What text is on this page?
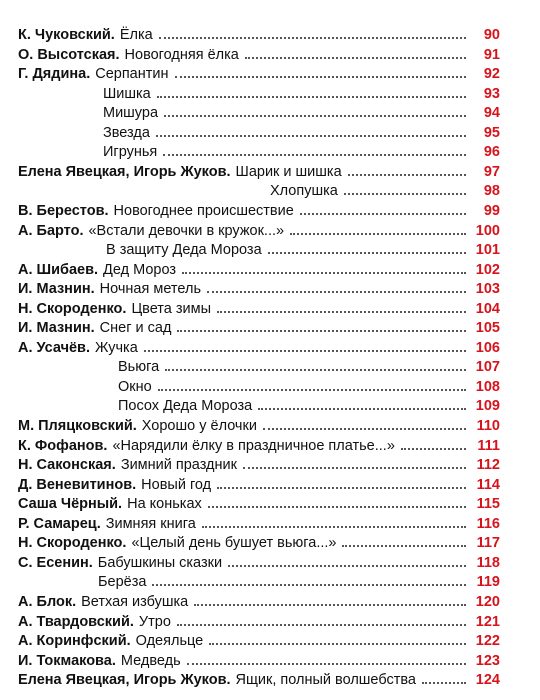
К. Чуковский. Ёлка	90
О. Высотская. Новогодняя ёлка	91
Г. Дядина. Серпантин	92
Шишка	93
Мишура	94
Звезда	95
Игрунья	96
Елена Явецкая, Игорь Жуков. Шарик и шишка	97
Хлопушка	98
В. Берестов. Новогоднее происшествие	99
А. Барто. «Встали девочки в кружок...»	100
В защиту Деда Мороза	101
А. Шибаев. Дед Мороз	102
И. Мазнин. Ночная метель	103
Н. Скороденко. Цвета зимы	104
И. Мазнин. Снег и сад	105
А. Усачёв. Жучка	106
Вьюга	107
Окно	108
Посох Деда Мороза	109
М. Пляцковский. Хорошо у ёлочки	110
К. Фофанов. «Нарядили ёлку в праздничное платье...»	111
Н. Саконская. Зимний праздник	112
Д. Веневитинов. Новый год	114
Саша Чёрный. На коньках	115
Р. Самарец. Зимняя книга	116
Н. Скороденко. «Целый день бушует вьюга...»	117
С. Есенин. Бабушкины сказки	118
Берёза	119
А. Блок. Ветхая избушка	120
А. Твардовский. Утро	121
А. Коринфский. Одеяльце	122
И. Токмакова. Медведь	123
Елена Явецкая, Игорь Жуков. Ящик, полный волшебства	124
